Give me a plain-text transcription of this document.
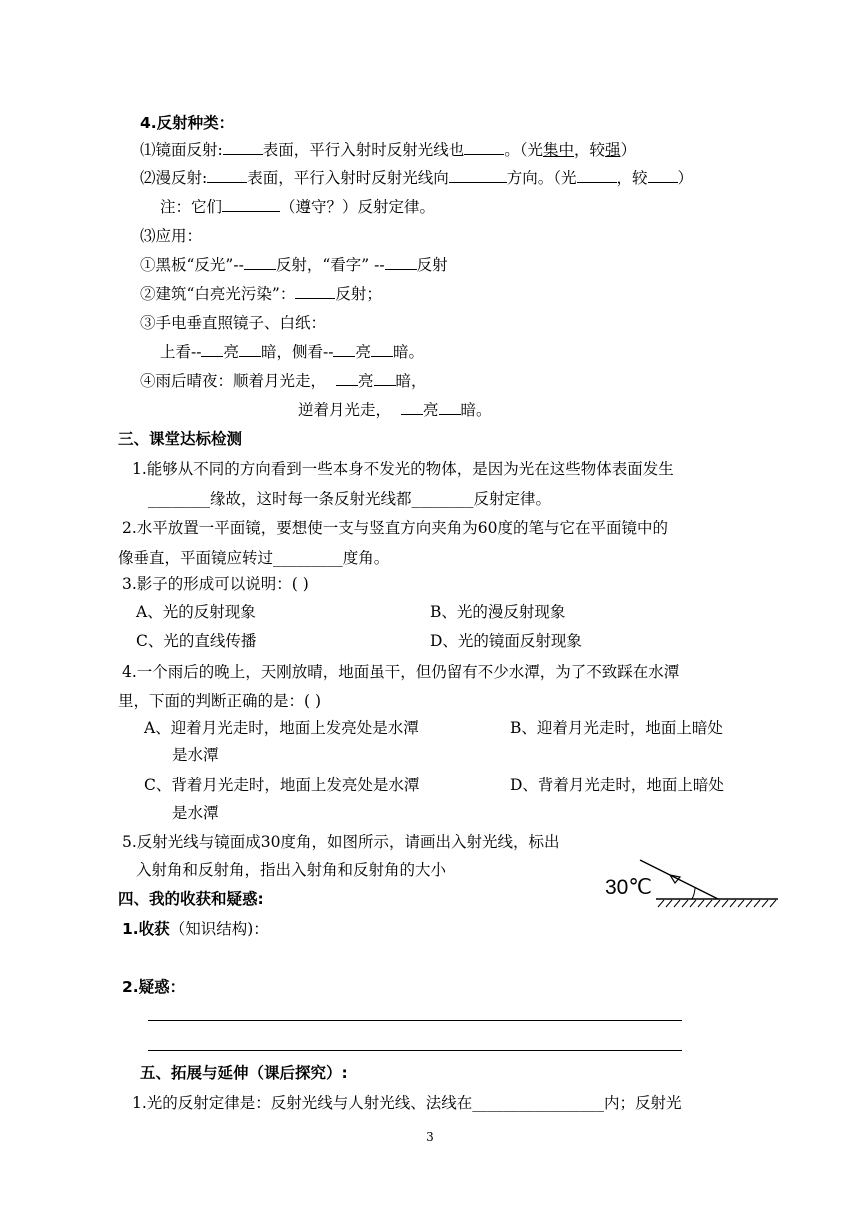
4.反射种类：
⑴镜面反射:	表面，平行入射时反射光线也	。（光集中，较强）
⑵漫反射:	表面，平行入射时反射光线向	方向。（光	，较 ）
注：它们	（遵守？）反射定律。
⑶应用：
①黑板“反光”-- 反射，“看字” -- 反射
②建筑“白亮光污染”：	反射；
③手电垂直照镜子、白纸：
上看-- 亮 暗，侧看-- 亮 暗。
④雨后晴夜：顺着月光走， 亮 暗，
逆着月光走， 亮 暗。
三、课堂达标检测
1.能够从不同的方向看到一些本身不发光的物体，是因为光在这些物体表面发生
________缘故，这时每一条反射光线都________反射定律。
2.水平放置一平面镜，要想使一支与竖直方向夹角为60度的笔与它在平面镜中的
像垂直，平面镜应转过_________度角。
3.影子的形成可以说明：( )
A、光的反射现象	B、光的漫反射现象
C、光的直线传播	D、光的镜面反射现象
4.一个雨后的晚上，天刚放晴，地面虽干，但仍留有不少水潭，为了不致踩在水潭
里，下面的判断正确的是：( )
A、迎着月光走时，地面上发亮处是水潭	B、迎着月光走时，地面上暗处
是水潭
C、背着月光走时，地面上发亮处是水潭	D、背着月光走时，地面上暗处
是水潭
5.反射光线与镜面成30度角，如图所示，请画出入射光线，标出
入射角和反射角，指出入射角和反射角的大小
30℃
四、我的收获和疑惑:
1.收获（知识结构)：
2.疑惑：
五、拓展与延伸（课后探究）:
1.光的反射定律是：反射光线与人射光线、法线在_________________内；反射光
3
